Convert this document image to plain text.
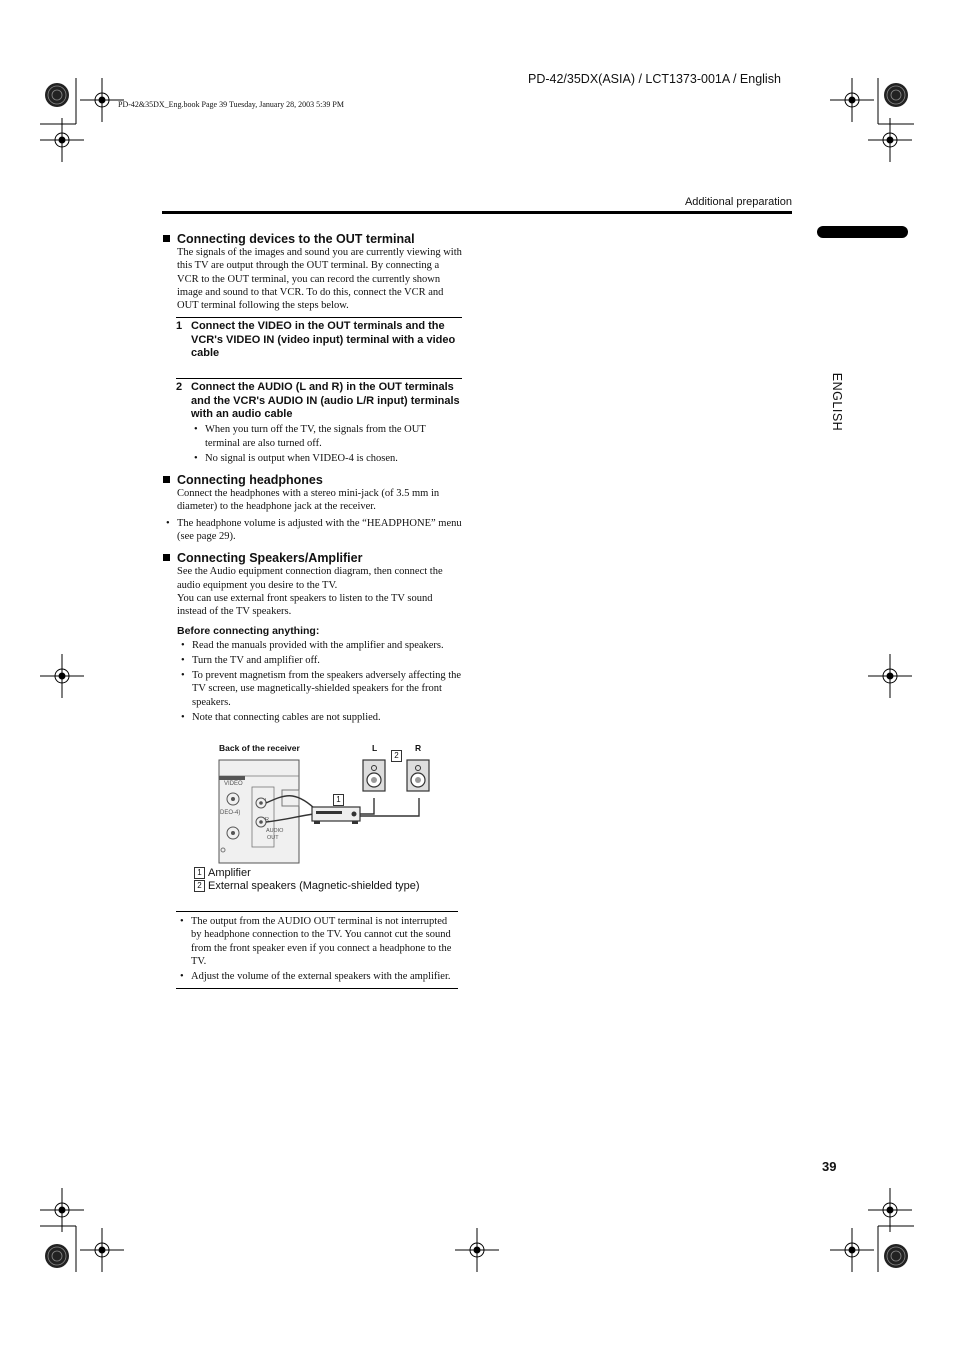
PD-42/35DX(ASIA) / LCT1373-001A / English
PD-42&35DX_Eng.book Page 39 Tuesday, January 28, 2003 5:39 PM
Additional preparation
ENGLISH
39
Connecting devices to the OUT terminal

The signals of the images and sound you are currently viewing with this TV are output through the OUT terminal. By connecting a VCR to the OUT terminal, you can record the currently shown image and sound to that VCR. To do this, connect the VCR and OUT terminal following the steps below.

1 Connect the VIDEO in the OUT terminals and the VCR's VIDEO IN (video input) terminal with a video cable
2 Connect the AUDIO (L and R) in the OUT terminals and the VCR's AUDIO IN (audio L/R input) terminals with an audio cable
• When you turn off the TV, the signals from the OUT terminal are also turned off.
• No signal is output when VIDEO-4 is chosen.
Connecting headphones

Connect the headphones with a stereo mini-jack (of 3.5 mm in diameter) to the headphone jack at the receiver.

• The headphone volume is adjusted with the “HEADPHONE” menu (see page 29).
Connecting Speakers/Amplifier

See the Audio equipment connection diagram, then connect the audio equipment you desire to the TV.

You can use external front speakers to listen to the TV sound instead of the TV speakers.

Before connecting anything:
• Read the manuals provided with the amplifier and speakers.
• Turn the TV and amplifier off.
• To prevent magnetism from the speakers adversely affecting the TV screen, use magnetically-shielded speakers for the front speakers.
• Note that connecting cables are not supplied.
Back of the receiver	L	R
2
1
VIDEO
DEO-4)
L
R
AUDIO
OUT
1 Amplifier
2 External speakers (Magnetic-shielded type)
• The output from the AUDIO OUT terminal is not interrupted by headphone connection to the TV. You cannot cut the sound from the front speaker even if you connect a headphone to the TV.
• Adjust the volume of the external speakers with the amplifier.
